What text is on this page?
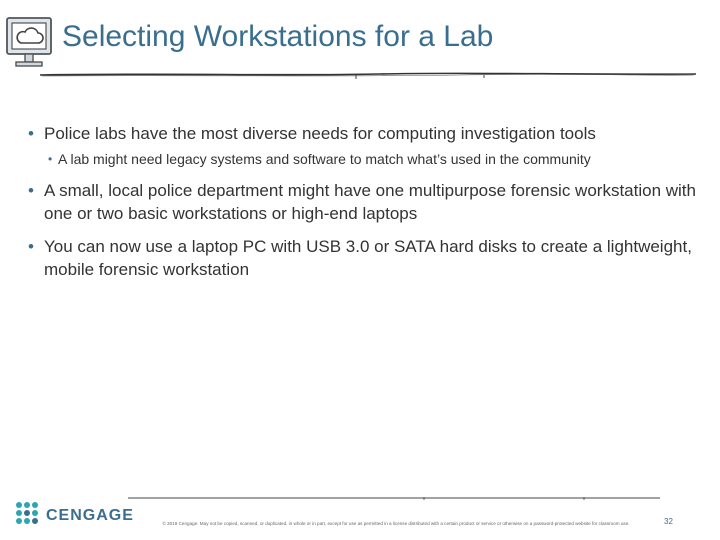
Selecting Workstations for a Lab
• Police labs have the most diverse needs for computing investigation tools
• A lab might need legacy systems and software to match what’s used in the community
• A small, local police department might have one multipurpose forensic workstation with one or two basic workstations or high-end laptops
• You can now use a laptop PC with USB 3.0 or SATA hard disks to create a lightweight, mobile forensic workstation
CENGAGE	© 2019 Cengage. May not be copied, scanned, or duplicated, in whole or in part, except for use as permitted in a license distributed with a certain product or service or otherwise on a password-protected website for classroom use.	32
